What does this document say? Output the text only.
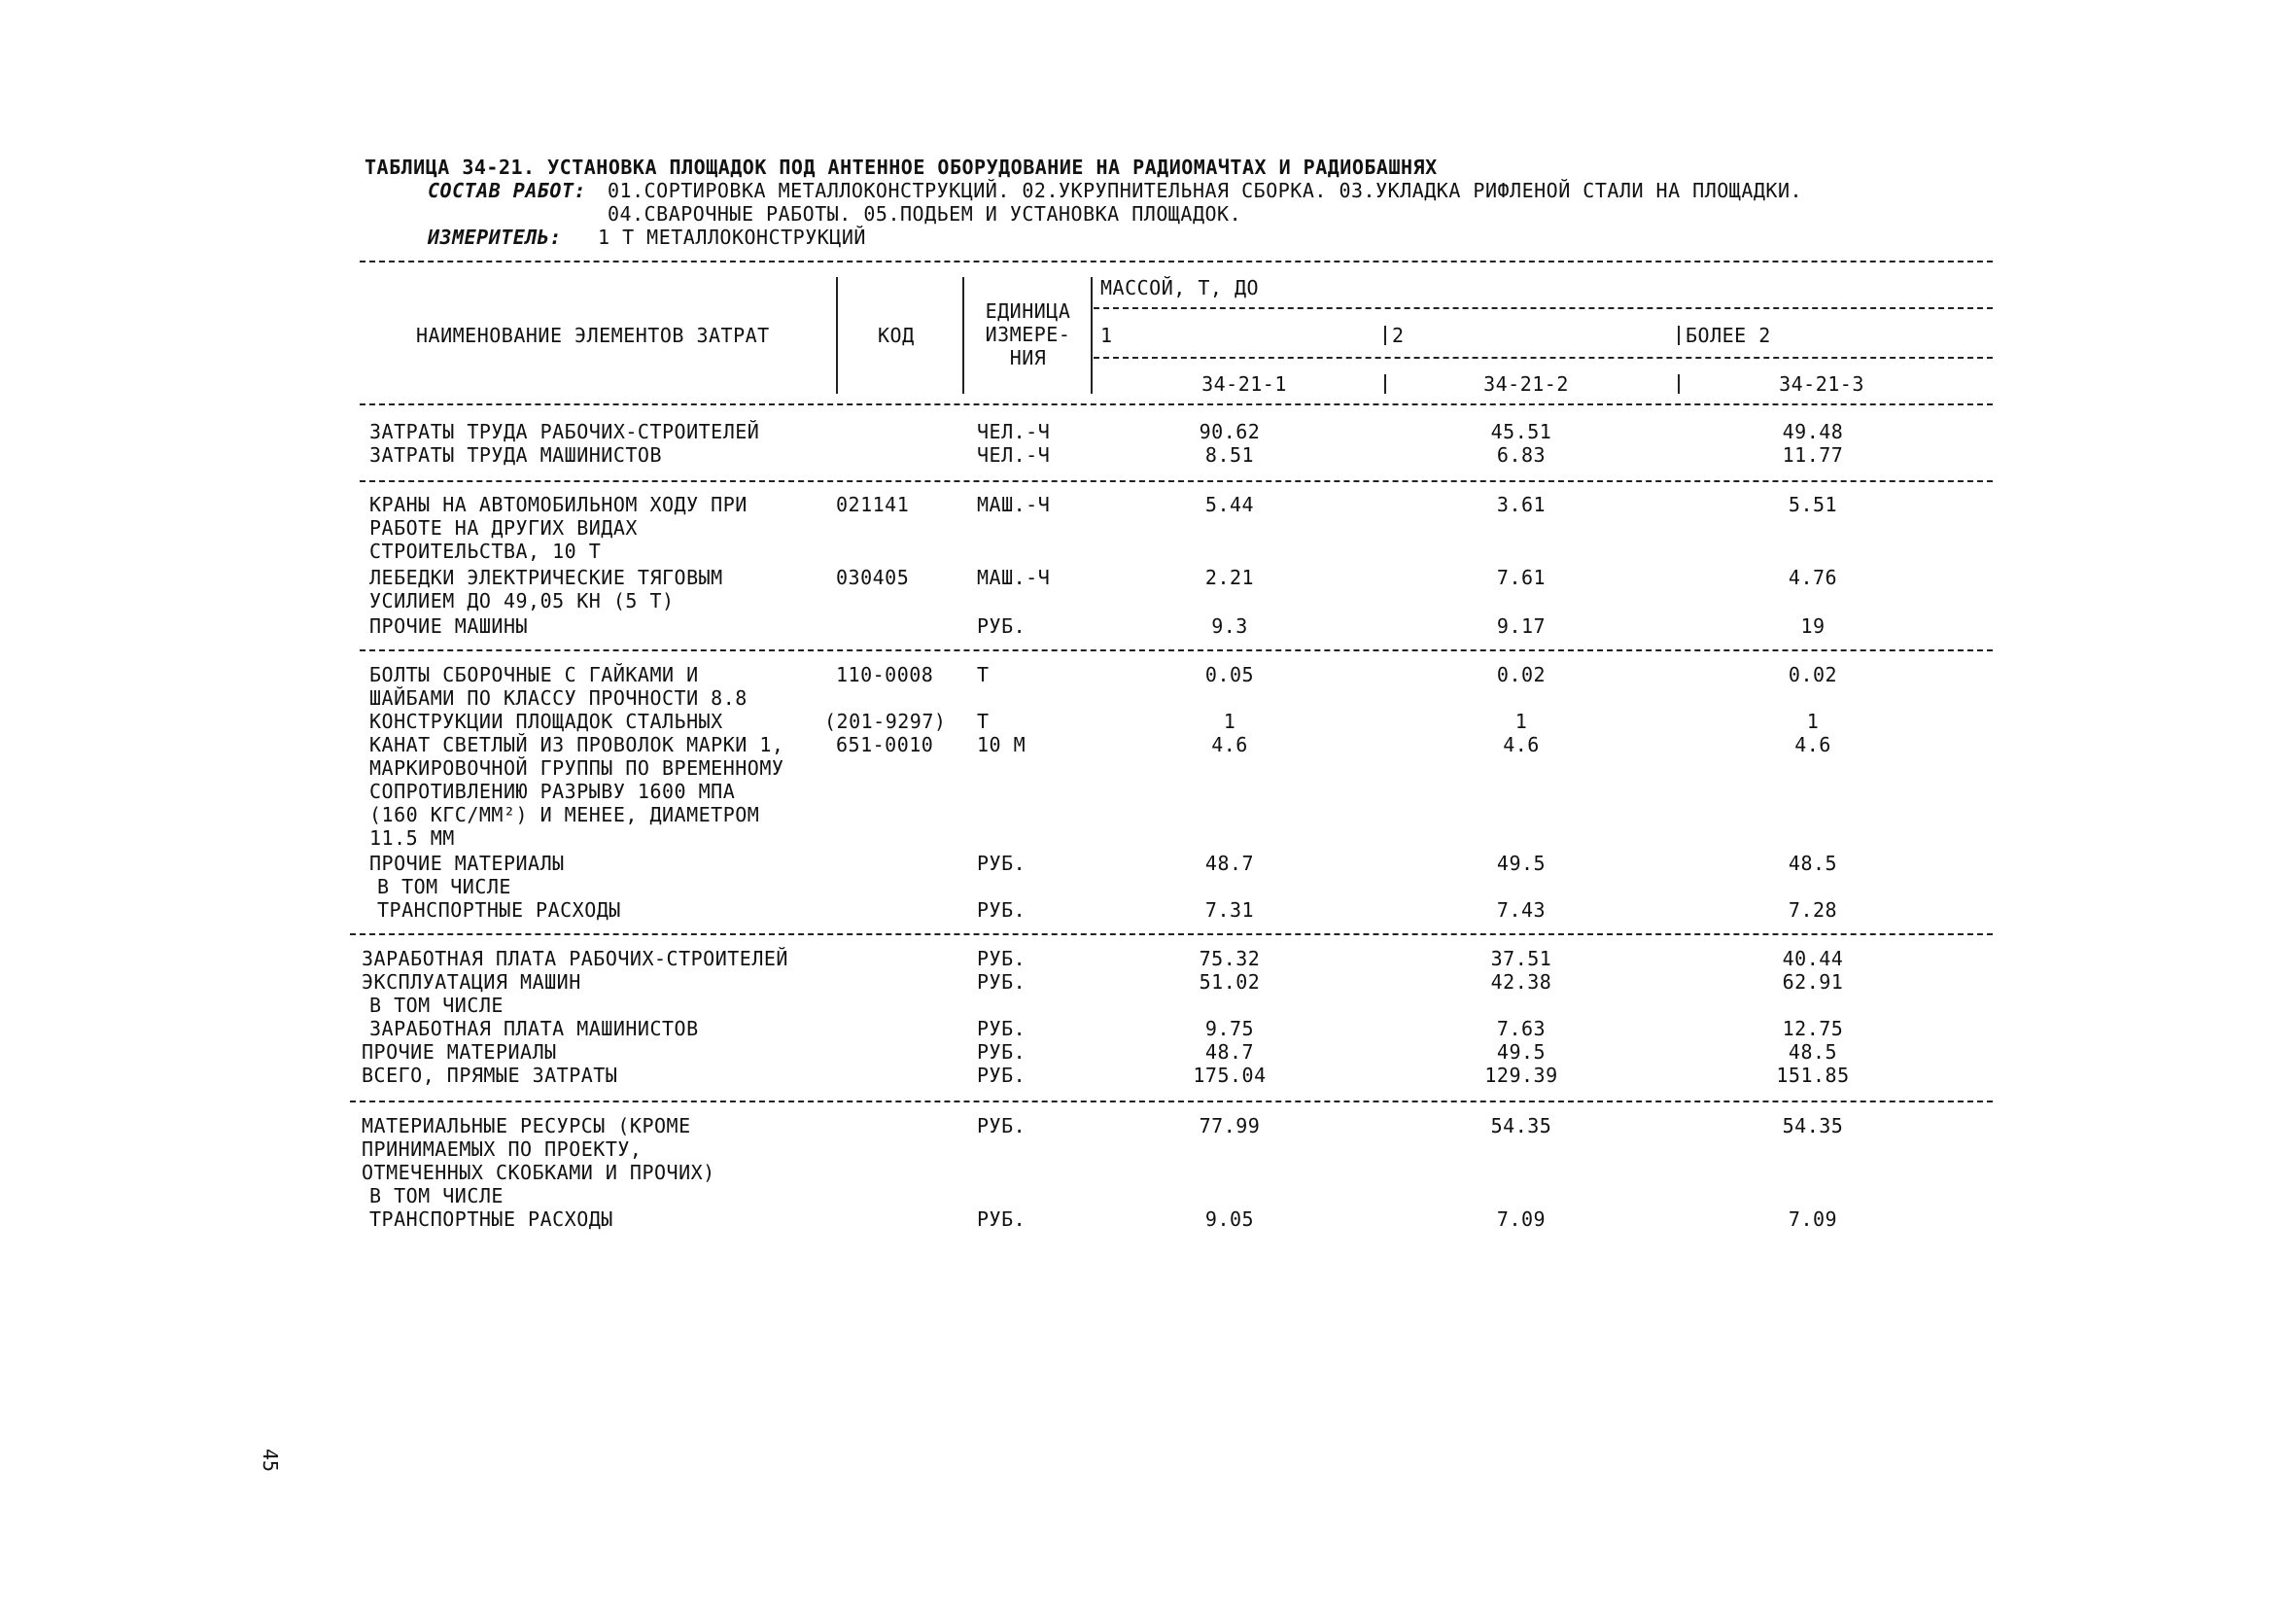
ТАБЛИЦА 34-21. УСТАНОВКА ПЛОЩАДОК ПОД АНТЕННОЕ ОБОРУДОВАНИЕ НА РАДИОМАЧТАХ И РАДИОБАШНЯХ
СОСТАВ РАБОТ: 01.СОРТИРОВКА МЕТАЛЛОКОНСТРУКЦИЙ. 02.УКРУПНИТЕЛЬНАЯ СБОРКА. 03.УКЛАДКА РИФЛЕНОЙ СТАЛИ НА ПЛОЩАДКИ.
04.СВАРОЧНЫЕ РАБОТЫ. 05.ПОДЬЕМ И УСТАНОВКА ПЛОЩАДОК.
ИЗМЕРИТЕЛЬ: 1 Т МЕТАЛЛОКОНСТРУКЦИЙ
НАИМЕНОВАНИЕ ЭЛЕМЕНТОВ ЗАТРАТ	КОД
ЕДИНИЦА
ИЗМЕРЕ-
НИЯ
МАССОЙ, Т, ДО
1	2	БОЛЕЕ 2
34-21-1	34-21-2	34-21-3
ЗАТРАТЫ ТРУДА РАБОЧИХ-СТРОИТЕЛЕЙ	ЧЕЛ.-Ч	90.62	45.51	49.48
ЗАТРАТЫ ТРУДА МАШИНИСТОВ	ЧЕЛ.-Ч	8.51	6.83	11.77
КРАНЫ НА АВТОМОБИЛЬНОМ ХОДУ ПРИ	021141	МАШ.-Ч	5.44	3.61	5.51
РАБОТЕ НА ДРУГИХ ВИДАХ
СТРОИТЕЛЬСТВА, 10 Т
ЛЕБЕДКИ ЭЛЕКТРИЧЕСКИЕ ТЯГОВЫМ	030405	МАШ.-Ч	2.21	7.61	4.76
УСИЛИЕМ ДО 49,05 КН (5 Т)
ПРОЧИЕ МАШИНЫ	РУБ.	9.3	9.17	19
БОЛТЫ СБОРОЧНЫЕ С ГАЙКАМИ И	110-0008 Т	0.05	0.02	0.02
ШАЙБАМИ ПО КЛАССУ ПРОЧНОСТИ 8.8
КОНСТРУКЦИИ ПЛОЩАДОК СТАЛЬНЫХ	(201-9297) Т	1	1	1
КАНАТ СВЕТЛЫЙ ИЗ ПРОВОЛОК МАРКИ 1,	651-0010 10 М	4.6	4.6	4.6
МАРКИРОВОЧНОЙ ГРУППЫ ПО ВРЕМЕННОМУ
СОПРОТИВЛЕНИЮ РАЗРЫВУ 1600 МПА
(160 КГС/ММ²) И МЕНЕЕ, ДИАМЕТРОМ
11.5 ММ
ПРОЧИЕ МАТЕРИАЛЫ	РУБ.	48.7	49.5	48.5
В ТОМ ЧИСЛЕ
ТРАНСПОРТНЫЕ РАСХОДЫ	РУБ.	7.31	7.43	7.28
ЗАРАБОТНАЯ ПЛАТА РАБОЧИХ-СТРОИТЕЛЕЙ	РУБ.	75.32	37.51	40.44
ЭКСПЛУАТАЦИЯ МАШИН	РУБ.	51.02	42.38	62.91
В ТОМ ЧИСЛЕ
ЗАРАБОТНАЯ ПЛАТА МАШИНИСТОВ	РУБ.	9.75	7.63	12.75
ПРОЧИЕ МАТЕРИАЛЫ	РУБ.	48.7	49.5	48.5
ВСЕГО, ПРЯМЫЕ ЗАТРАТЫ	РУБ.	175.04	129.39	151.85
МАТЕРИАЛЬНЫЕ РЕСУРСЫ (КРОМЕ	РУБ.	77.99	54.35	54.35
ПРИНИМАЕМЫХ ПО ПРОЕКТУ,
ОТМЕЧЕННЫХ СКОБКАМИ И ПРОЧИХ)
В ТОМ ЧИСЛЕ
ТРАНСПОРТНЫЕ РАСХОДЫ	РУБ.	9.05	7.09	7.09
45
